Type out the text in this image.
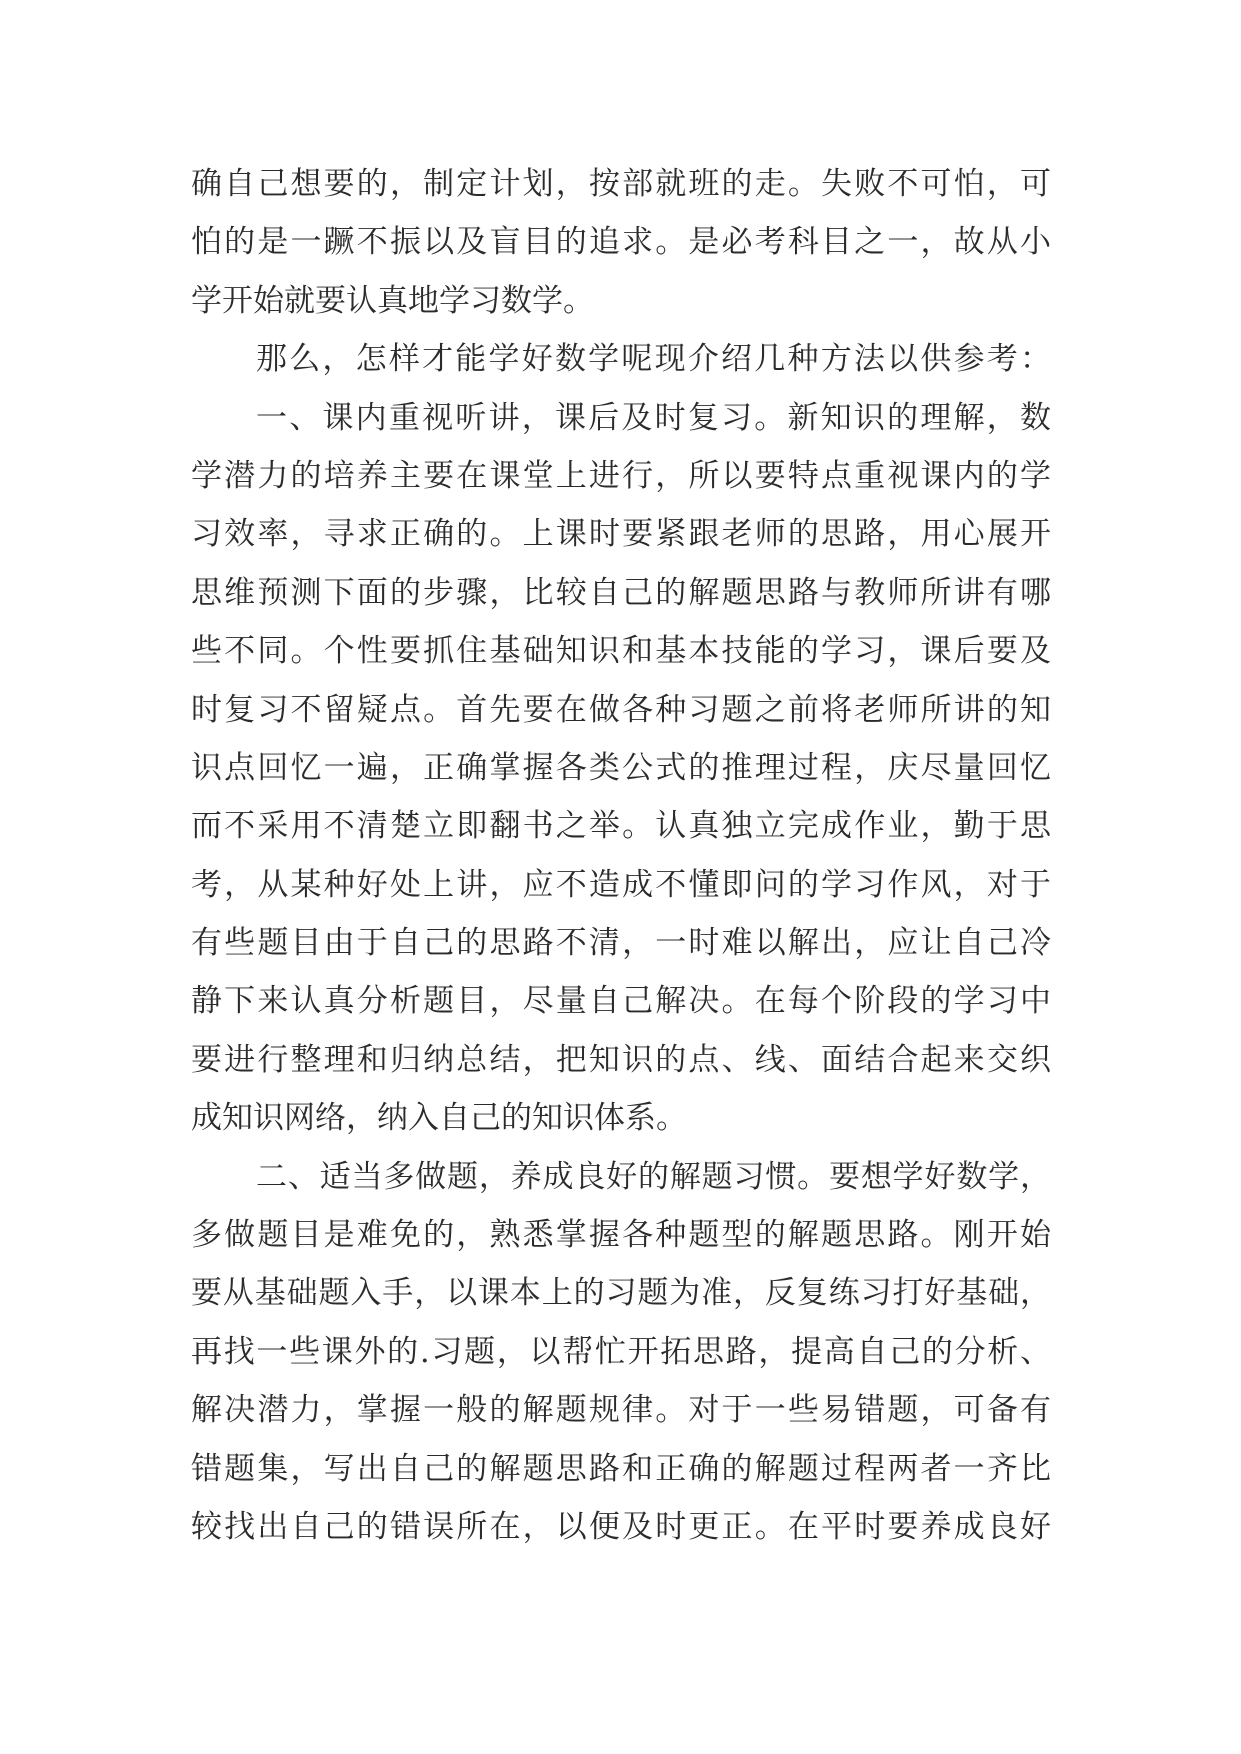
确自己想要的，制定计划，按部就班的走。失败不可怕，可
怕的是一蹶不振以及盲目的追求。是必考科目之一，故从小
学开始就要认真地学习数学。
那么，怎样才能学好数学呢现介绍几种方法以供参考：
一、课内重视听讲，课后及时复习。新知识的理解，数
学潜力的培养主要在课堂上进行，所以要特点重视课内的学
习效率，寻求正确的。上课时要紧跟老师的思路，用心展开
思维预测下面的步骤，比较自己的解题思路与教师所讲有哪
些不同。个性要抓住基础知识和基本技能的学习，课后要及
时复习不留疑点。首先要在做各种习题之前将老师所讲的知
识点回忆一遍，正确掌握各类公式的推理过程，庆尽量回忆
而不采用不清楚立即翻书之举。认真独立完成作业，勤于思
考，从某种好处上讲，应不造成不懂即问的学习作风，对于
有些题目由于自己的思路不清，一时难以解出，应让自己冷
静下来认真分析题目，尽量自己解决。在每个阶段的学习中
要进行整理和归纳总结，把知识的点、线、面结合起来交织
成知识网络，纳入自己的知识体系。
二、适当多做题，养成良好的解题习惯。要想学好数学，
多做题目是难免的，熟悉掌握各种题型的解题思路。刚开始
要从基础题入手，以课本上的习题为准，反复练习打好基础，
再找一些课外的.习题，以帮忙开拓思路，提高自己的分析、
解决潜力，掌握一般的解题规律。对于一些易错题，可备有
错题集，写出自己的解题思路和正确的解题过程两者一齐比
较找出自己的错误所在，以便及时更正。在平时要养成良好
